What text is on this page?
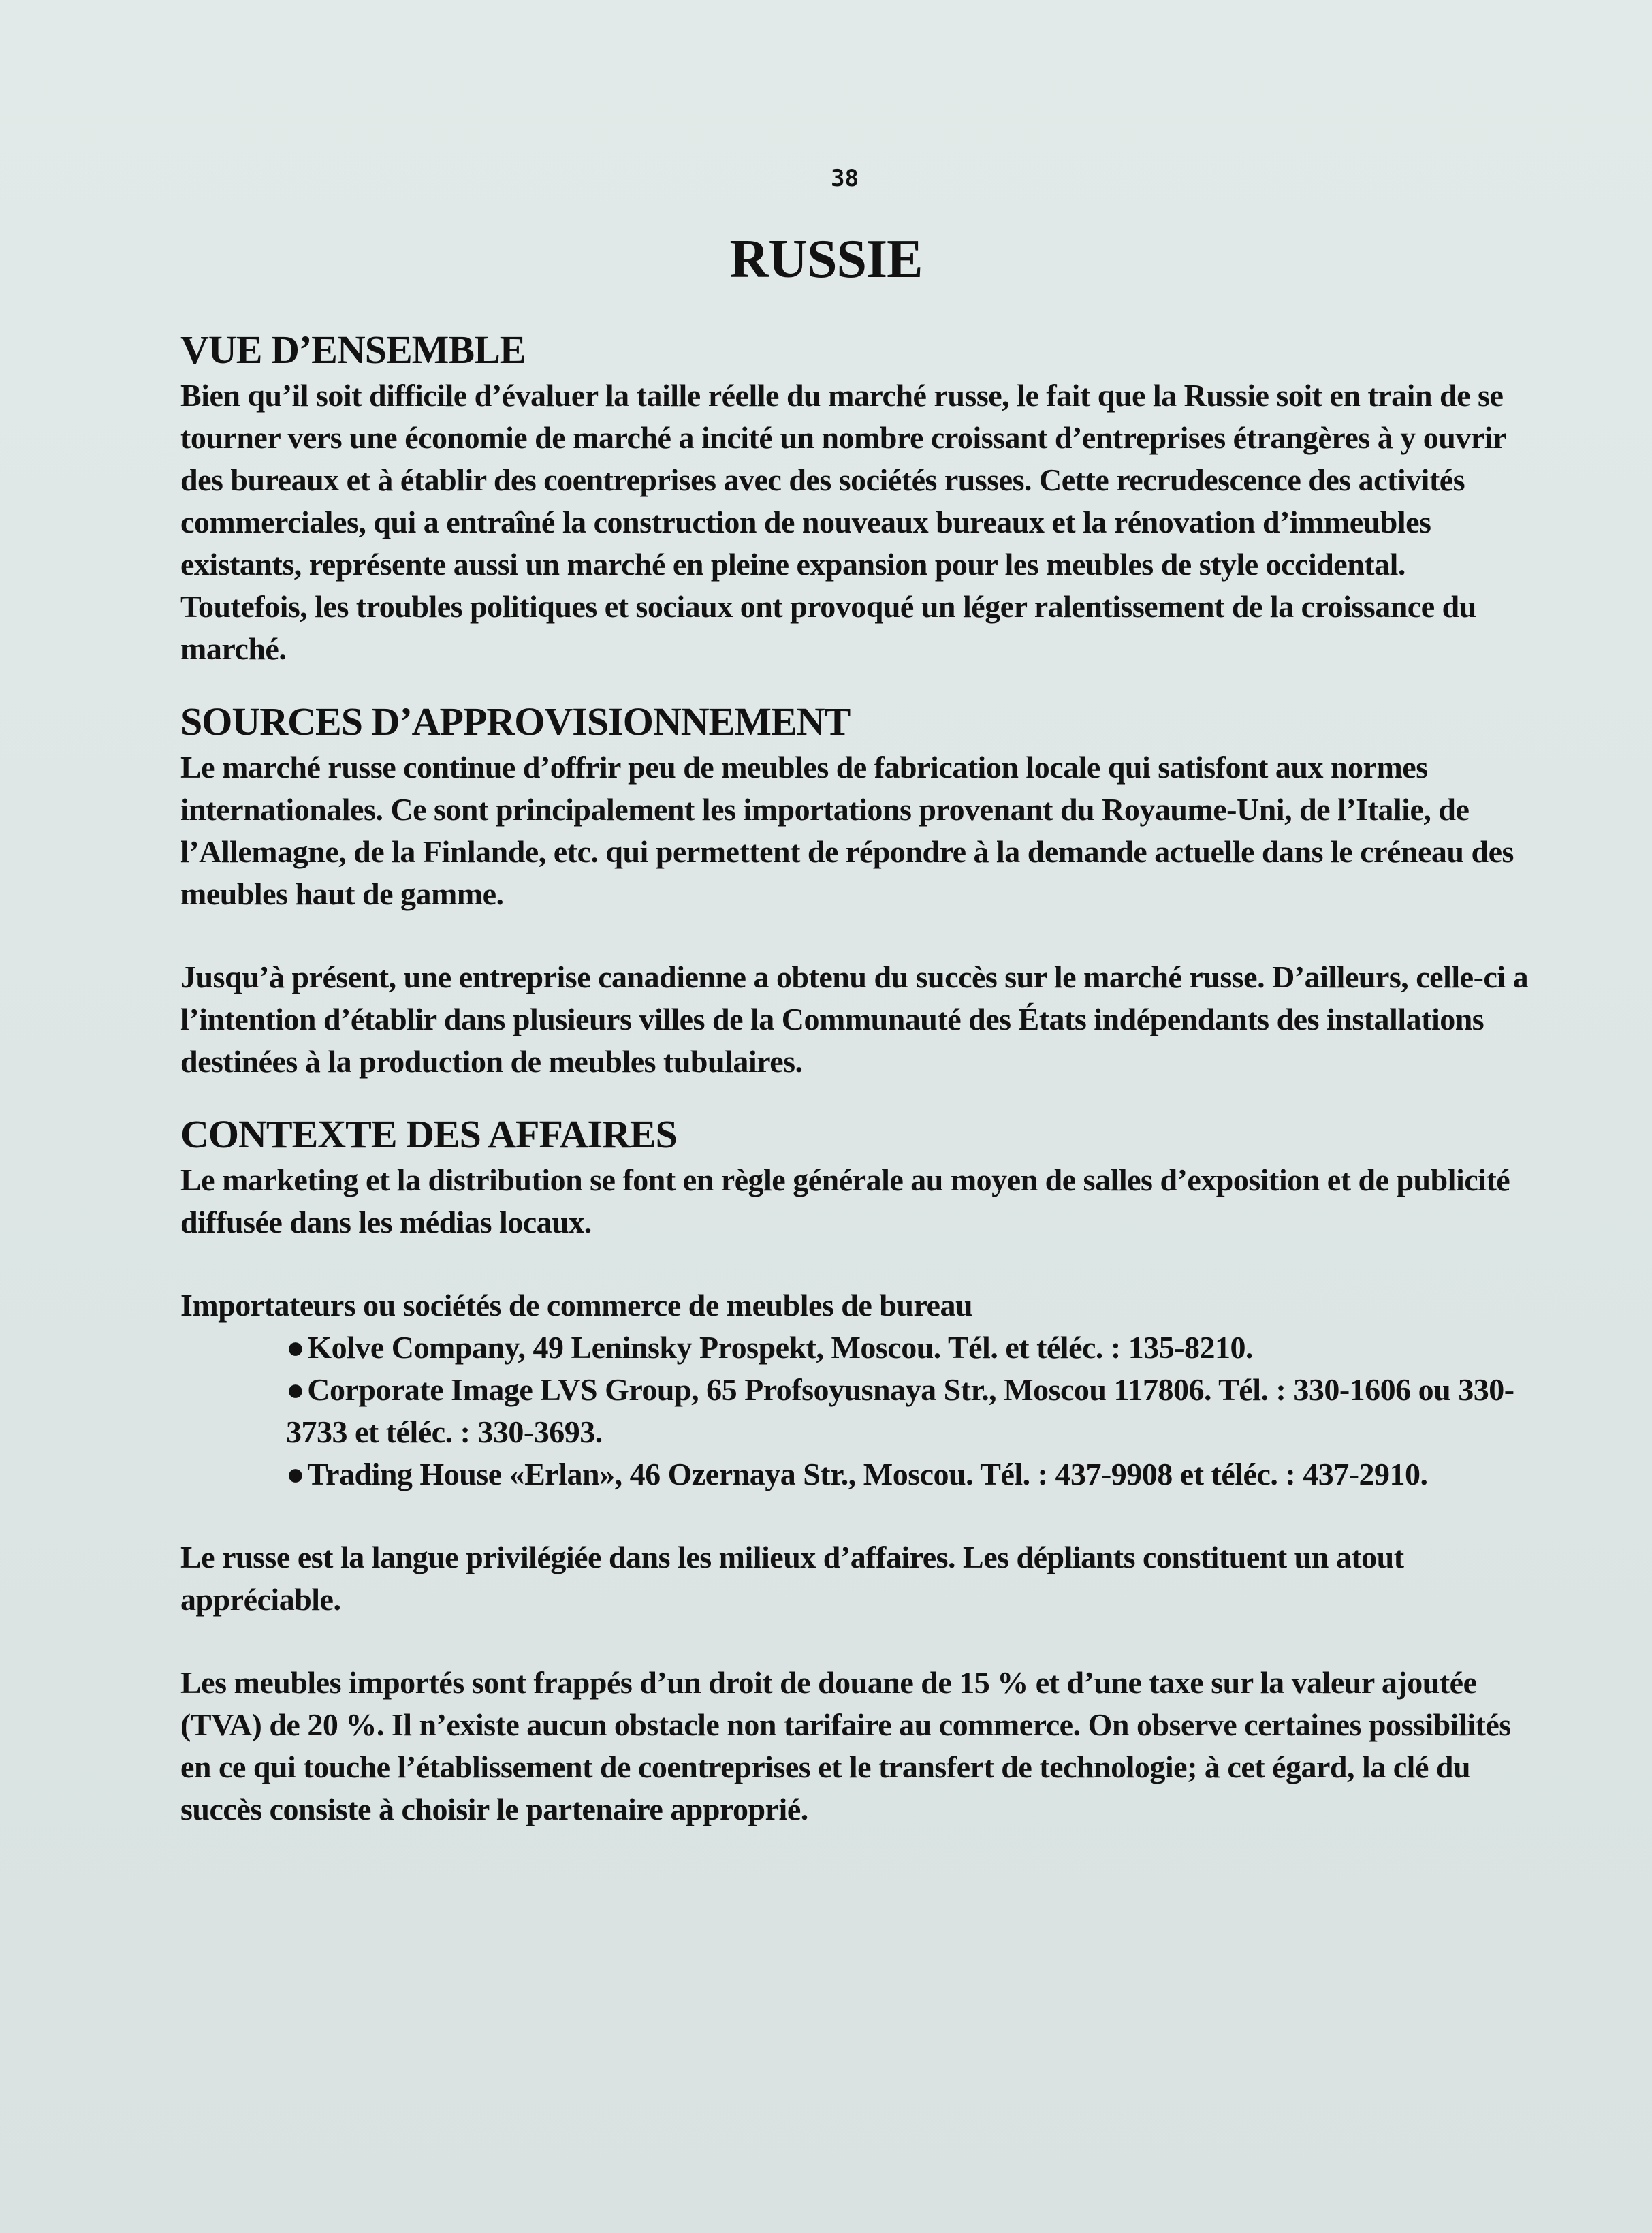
38
RUSSIE
VUE D’ENSEMBLE

Bien qu’il soit difficile d’évaluer la taille réelle du marché russe, le fait que la Russie soit en train de se tourner vers une économie de marché a incité un nombre croissant d’entreprises étrangères à y ouvrir des bureaux et à établir des coentreprises avec des sociétés russes. Cette recrudescence des activités commerciales, qui a entraîné la construction de nouveaux bureaux et la rénovation d’immeubles existants, représente aussi un marché en pleine expansion pour les meubles de style occidental. Toutefois, les troubles politiques et sociaux ont provoqué un léger ralentissement de la croissance du marché.

SOURCES D’APPROVISIONNEMENT

Le marché russe continue d’offrir peu de meubles de fabrication locale qui satisfont aux normes internationales. Ce sont principalement les importations provenant du Royaume-Uni, de l’Italie, de l’Allemagne, de la Finlande, etc. qui permettent de répondre à la demande actuelle dans le créneau des meubles haut de gamme.

Jusqu’à présent, une entreprise canadienne a obtenu du succès sur le marché russe. D’ailleurs, celle-ci a l’intention d’établir dans plusieurs villes de la Communauté des États indépendants des installations destinées à la production de meubles tubulaires.

CONTEXTE DES AFFAIRES

Le marketing et la distribution se font en règle générale au moyen de salles d’exposition et de publicité diffusée dans les médias locaux.

Importateurs ou sociétés de commerce de meubles de bureau
●Kolve Company, 49 Leninsky Prospekt, Moscou. Tél. et téléc. : 135-8210.
●Corporate Image LVS Group, 65 Profsoyusnaya Str., Moscou 117806. Tél. : 330-1606 ou 330-3733 et téléc. : 330-3693.
●Trading House «Erlan», 46 Ozernaya Str., Moscou. Tél. : 437-9908 et téléc. : 437-2910.

Le russe est la langue privilégiée dans les milieux d’affaires. Les dépliants constituent un atout appréciable.

Les meubles importés sont frappés d’un droit de douane de 15 % et d’une taxe sur la valeur ajoutée (TVA) de 20 %. Il n’existe aucun obstacle non tarifaire au commerce. On observe certaines possibilités en ce qui touche l’établissement de coentreprises et le transfert de technologie; à cet égard, la clé du succès consiste à choisir le partenaire approprié.
